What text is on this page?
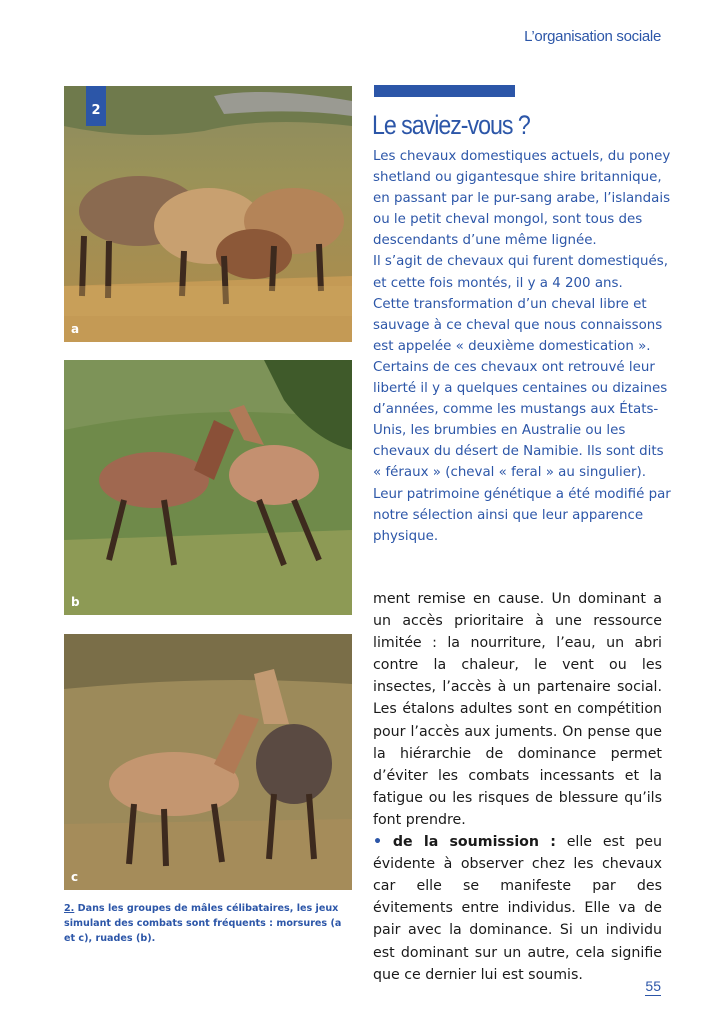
L’organisation sociale
2
a
b
c
2. Dans les groupes de mâles célibataires, les jeux simulant des combats sont fréquents : morsures (a et c), ruades (b).
Le saviez-vous ?

Les chevaux domestiques actuels, du poney shetland ou gigantesque shire britannique, en passant par le pur-sang arabe, l’islandais ou le petit cheval mongol, sont tous des descendants d’une même lignée.

Il s’agit de chevaux qui furent domestiqués, et cette fois montés, il y a 4 200 ans.

Cette transformation d’un cheval libre et sauvage à ce cheval que nous connaissons est appelée « deuxième domestication ».

Certains de ces chevaux ont retrouvé leur liberté il y a quelques centaines ou dizaines d’années, comme les mustangs aux États-Unis, les brumbies en Australie ou les chevaux du désert de Namibie. Ils sont dits « féraux » (cheval « feral » au singulier). Leur patrimoine génétique a été modifié par notre sélection ainsi que leur apparence physique.

ment remise en cause. Un dominant a un accès prioritaire à une ressource limitée : la nourriture, l’eau, un abri contre la chaleur, le vent ou les insectes, l’accès à un partenaire social. Les étalons adultes sont en compétition pour l’accès aux juments. On pense que la hiérarchie de dominance permet d’éviter les combats incessants et la fatigue ou les risques de blessure qu’ils font prendre.

• de la soumission : elle est peu évidente à observer chez les chevaux car elle se manifeste par des évitements entre individus. Elle va de pair avec la dominance. Si un individu est dominant sur un autre, cela signifie que ce dernier lui est soumis.

55
